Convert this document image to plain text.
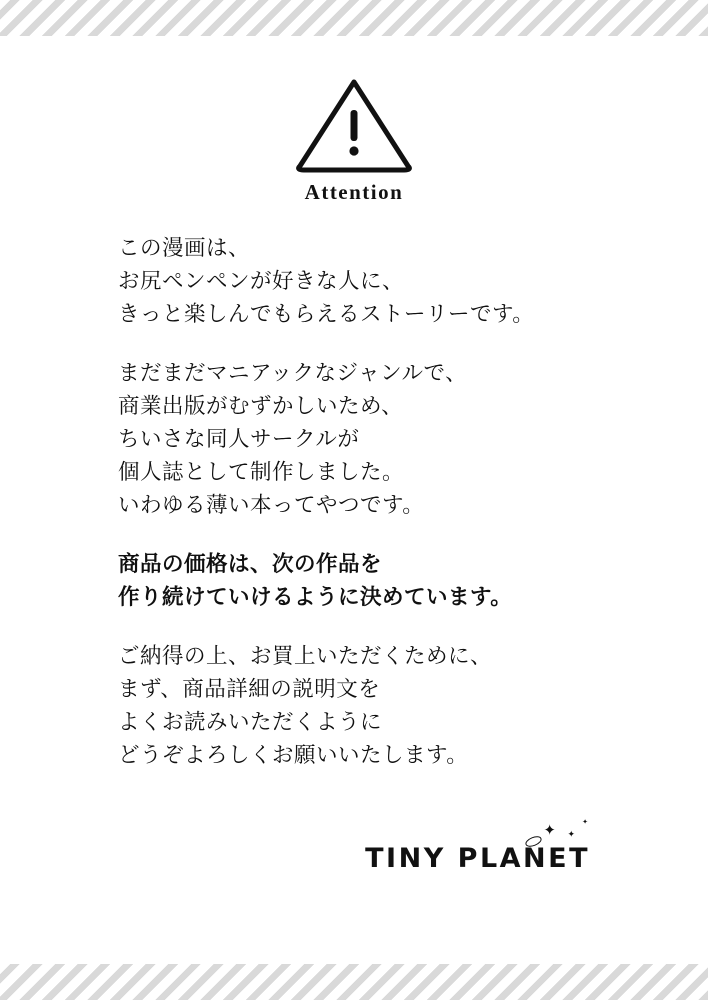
Attention
この漫画は、
お尻ペンペンが好きな人に、
きっと楽しんでもらえるストーリーです。
まだまだマニアックなジャンルで、
商業出版がむずかしいため、
ちいさな同人サークルが
個人誌として制作しました。
いわゆる薄い本ってやつです。
商品の価格は、次の作品を
作り続けていけるように決めています。
ご納得の上、お買上いただくために、
まず、商品詳細の説明文を
よくお読みいただくように
どうぞよろしくお願いいたします。
✦ ✦
✦
TINY PLANET
